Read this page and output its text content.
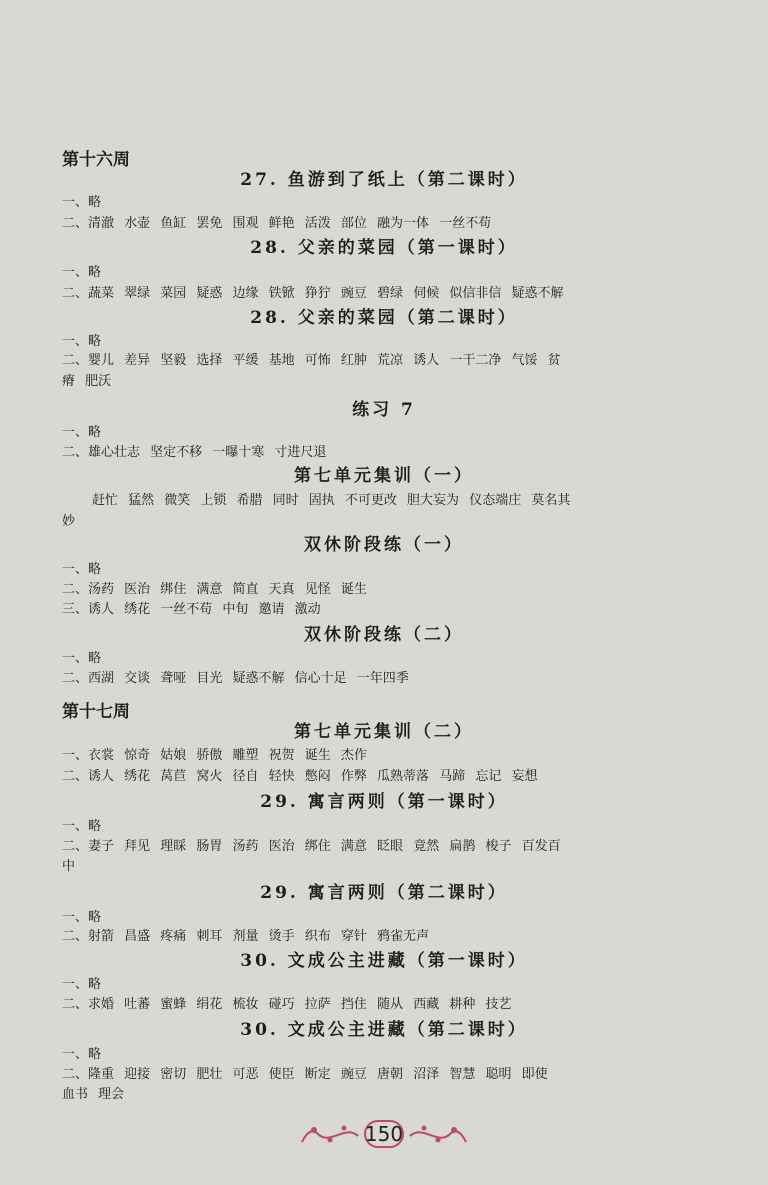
第十六周
27. 鱼游到了纸上（第二课时）
一、略
二、清澈 水壶 鱼缸 罢免 围观 鲜艳 活泼 部位 融为一体 一丝不苟
28. 父亲的菜园（第一课时）
一、略
二、蔬菜 翠绿 菜园 疑惑 边缘 铁锨 狰狞 豌豆 碧绿 伺候 似信非信 疑惑不解
28. 父亲的菜园（第二课时）
一、略
二、婴儿 差异 坚毅 选择 平缓 基地 可怖 红肿 荒凉 诱人 一干二净 气馁 贫
瘠 肥沃
练习 7
一、略
二、雄心壮志 坚定不移 一曝十寒 寸进尺退
第七单元集训（一）
赶忙 猛然 微笑 上锁 希腊 同时 固执 不可更改 胆大妄为 仪态端庄 莫名其
妙
双休阶段练（一）
一、略
二、汤药 医治 绑住 满意 简直 天真 见怪 诞生
三、诱人 绣花 一丝不苟 中旬 邀请 激动
双休阶段练（二）
一、略
二、西湖 交谈 聋哑 目光 疑惑不解 信心十足 一年四季
第十七周
第七单元集训（二）
一、衣裳 惊奇 姑娘 骄傲 雕塑 祝贺 诞生 杰作
二、诱人 绣花 莴苣 窝火 径自 轻快 憋闷 作弊 瓜熟蒂落 马蹄 忘记 妄想
29. 寓言两则（第一课时）
一、略
二、妻子 拜见 理睬 肠胃 汤药 医治 绑住 满意 眨眼 竟然 扁鹊 梭子 百发百
中
29. 寓言两则（第二课时）
一、略
二、射箭 昌盛 疼痛 刺耳 剂量 烫手 织布 穿针 鸦雀无声
30. 文成公主进藏（第一课时）
一、略
二、求婚 吐蕃 蜜蜂 绢花 梳妆 碰巧 拉萨 挡住 随从 西藏 耕种 技艺
30. 文成公主进藏（第二课时）
一、略
二、隆重 迎接 密切 肥壮 可恶 使臣 断定 豌豆 唐朝 沼泽 智慧 聪明 即使
血书 理会
150
